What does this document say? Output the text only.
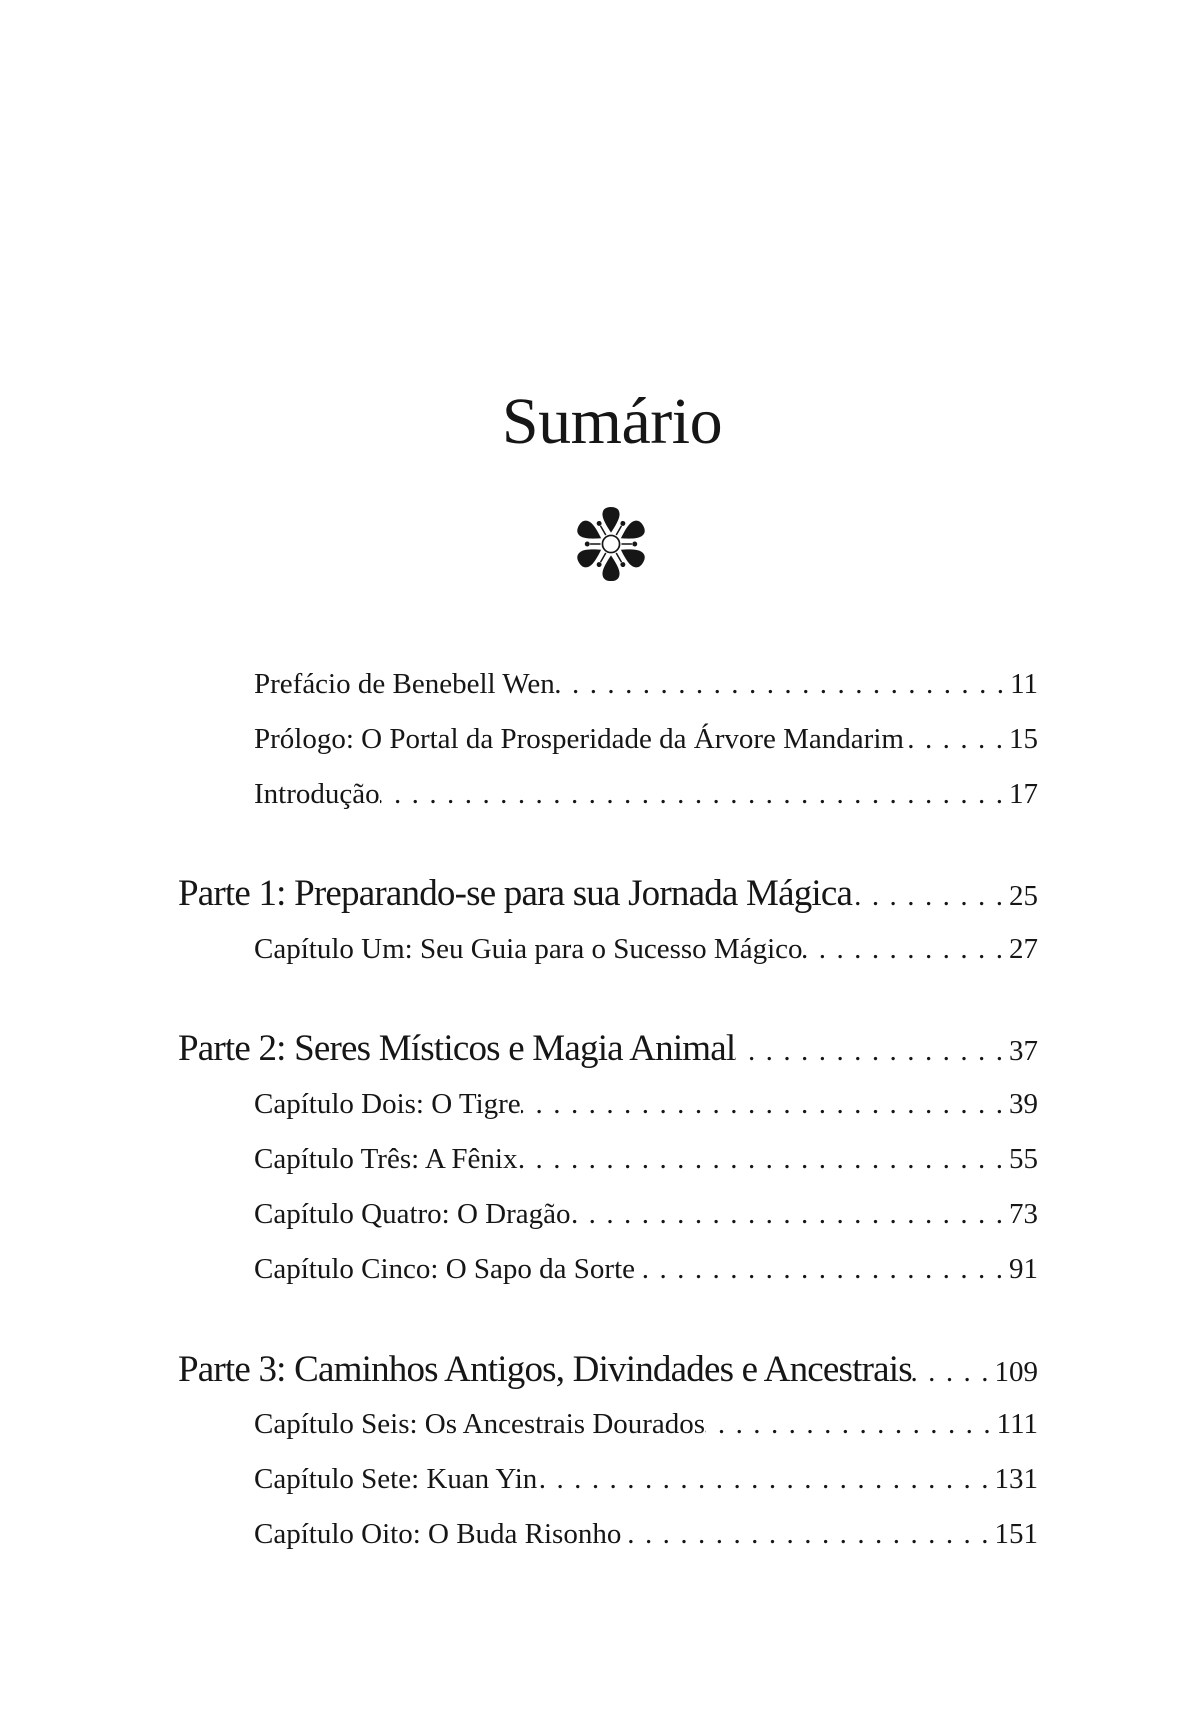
Sumário
Prefácio de Benebell Wen . . .	11
Prólogo: O Portal da Prosperidade da Árvore Mandarim . . .	15
Introdução . . .	17
Parte 1: Preparando-se para sua Jornada Mágica . . .	25
Capítulo Um: Seu Guia para o Sucesso Mágico . . .	27
Parte 2: Seres Místicos e Magia Animal . . .	37
Capítulo Dois: O Tigre . . .	39
Capítulo Três: A Fênix . . .	55
Capítulo Quatro: O Dragão . . .	73
Capítulo Cinco: O Sapo da Sorte . . .	91
Parte 3: Caminhos Antigos, Divindades e Ancestrais . . .	109
Capítulo Seis: Os Ancestrais Dourados . . .	111
Capítulo Sete: Kuan Yin . . .	131
Capítulo Oito: O Buda Risonho . . .	151
